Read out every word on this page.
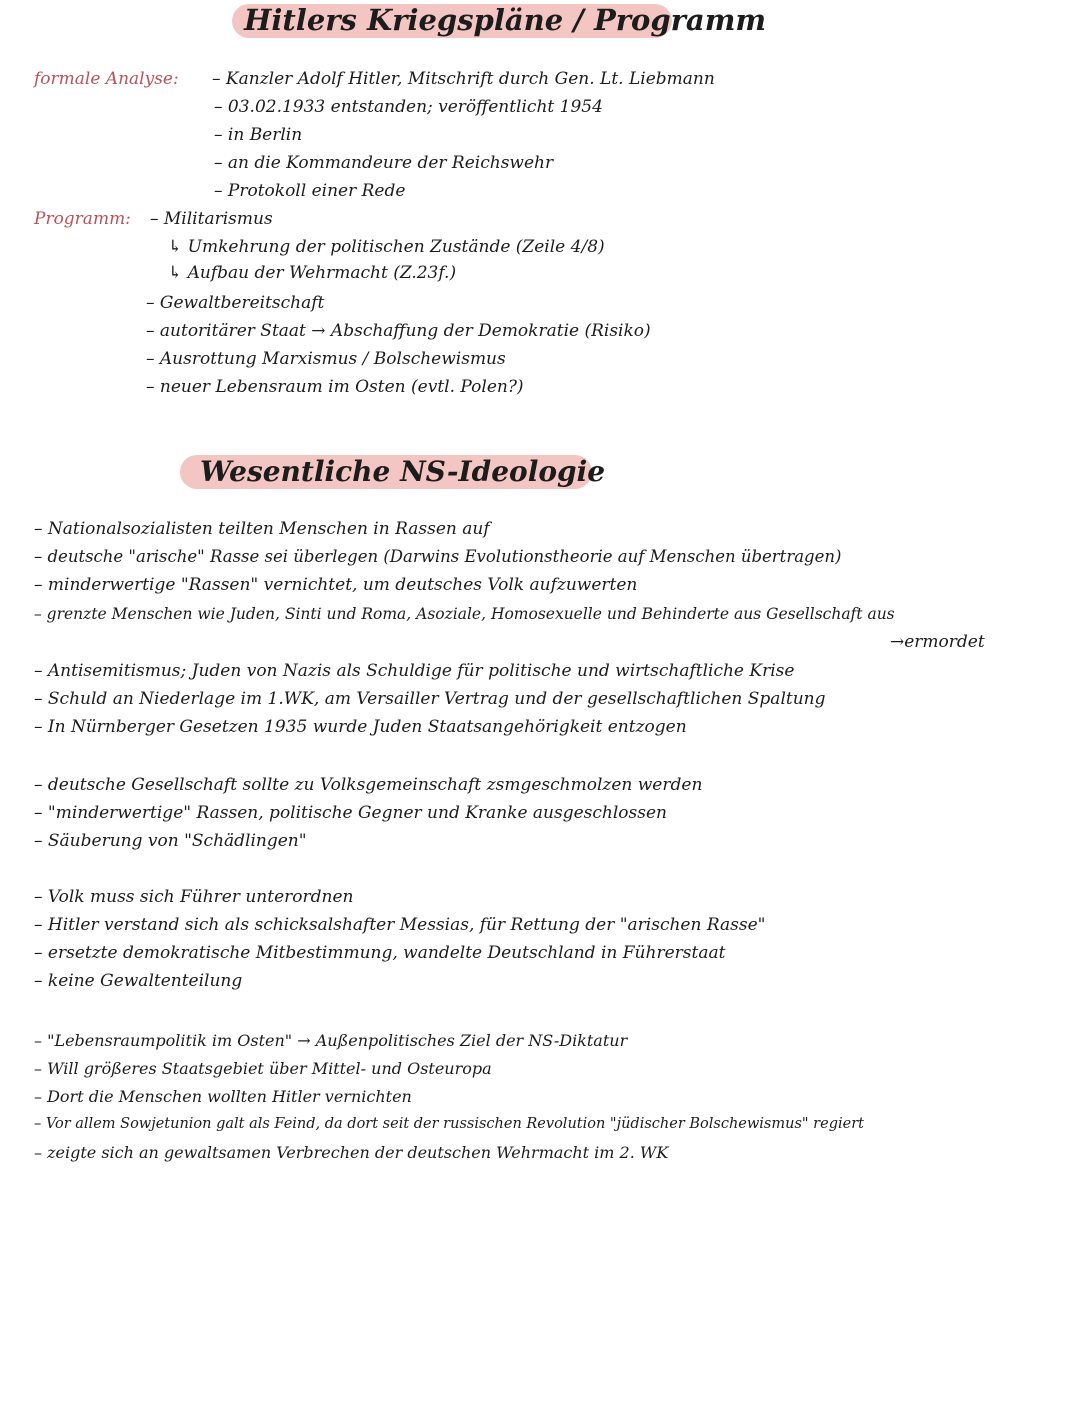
Hitlers Kriegspläne / Programm
formale Analyse: – Kanzler Adolf Hitler, Mitschrift durch Gen. Lt. Liebmann
– 03.02.1933 entstanden; veröffentlicht 1954
– in Berlin
– an die Kommandeure der Reichswehr
– Protokoll einer Rede
Programm: – Militarismus
↳ Umkehrung der politischen Zustände (Zeile 4/8)
↳ Aufbau der Wehrmacht (Z.23f.)
– Gewaltbereitschaft
– autoritärer Staat → Abschaffung der Demokratie (Risiko)
– Ausrottung Marxismus / Bolschewismus
– neuer Lebensraum im Osten (evtl. Polen?)
Wesentliche NS-Ideologie
– Nationalsozialisten teilten Menschen in Rassen auf
– deutsche "arische" Rasse sei überlegen (Darwins Evolutionstheorie auf Menschen übertragen)
– minderwertige "Rassen" vernichtet, um deutsches Volk aufzuwerten
– grenzte Menschen wie Juden, Sinti und Roma, Asoziale, Homosexuelle und Behinderte aus Gesellschaft aus
→ermordet
– Antisemitismus; Juden von Nazis als Schuldige für politische und wirtschaftliche Krise
– Schuld an Niederlage im 1.WK, am Versailler Vertrag und der gesellschaftlichen Spaltung
– In Nürnberger Gesetzen 1935 wurde Juden Staatsangehörigkeit entzogen
– deutsche Gesellschaft sollte zu Volksgemeinschaft zsmgeschmolzen werden
– "minderwertige" Rassen, politische Gegner und Kranke ausgeschlossen
– Säuberung von "Schädlingen"
– Volk muss sich Führer unterordnen
– Hitler verstand sich als schicksalshafter Messias, für Rettung der "arischen Rasse"
– ersetzte demokratische Mitbestimmung, wandelte Deutschland in Führerstaat
– keine Gewaltenteilung
– "Lebensraumpolitik im Osten" → Außenpolitisches Ziel der NS-Diktatur
– Will größeres Staatsgebiet über Mittel- und Osteuropa
– Dort die Menschen wollten Hitler vernichten
– Vor allem Sowjetunion galt als Feind, da dort seit der russischen Revolution "jüdischer Bolschewismus" regiert
– zeigte sich an gewaltsamen Verbrechen der deutschen Wehrmacht im 2. WK
